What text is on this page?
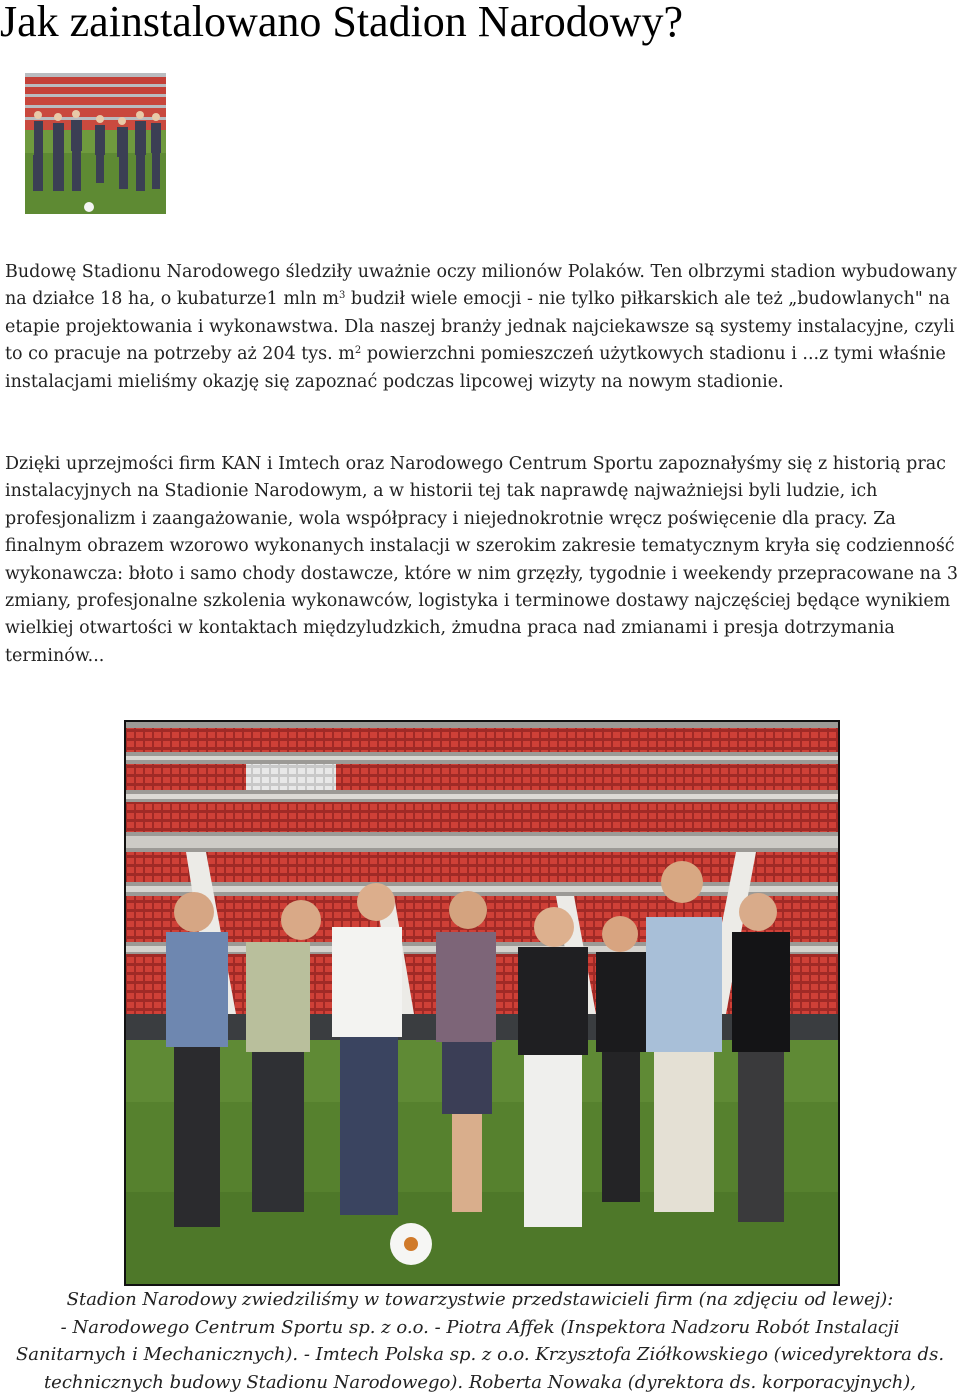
Jak zainstalowano Stadion Narodowy?

Budowę Stadionu Narodowego śledziły uważnie oczy milionów Polaków. Ten olbrzymi stadion wybudowany na działce 18 ha, o kubaturze1 mln $m^3$ budził wiele emocji - nie tylko piłkarskich ale też „budowlanych" na etapie projektowania i wykonawstwa. Dla naszej branży jednak najciekawsze są systemy instalacyjne, czyli to co pracuje na potrzeby aż 204 tys. $m^2$ powierzchni pomieszczeń użytkowych stadionu i ...z tymi właśnie instalacjami mieliśmy okazję się zapoznać podczas lipcowej wizyty na nowym stadionie.

Dzięki uprzejmości firm KAN i Imtech oraz Narodowego Centrum Sportu zapoznałyśmy się z historią prac instalacyjnych na Stadionie Narodowym, a w historii tej tak naprawdę najważniejsi byli ludzie, ich profesjonalizm i zaangażowanie, wola współpracy i niejednokrotnie wręcz poświęcenie dla pracy. Za finalnym obrazem wzorowo wykonanych instalacji w szerokim zakresie tematycznym kryła się codzienność wykonawcza: błoto i samo chody dostawcze, które w nim grzęzły, tygodnie i weekendy przepracowane na 3 zmiany, profesjonalne szkolenia wykonawców, logistyka i terminowe dostawy najczęściej będące wynikiem wielkiej otwartości w kontaktach międzyludzkich, żmudna praca nad zmianami i presja dotrzymania terminów...

Stadion Narodowy zwiedziliśmy w towarzystwie przedstawicieli firm (na zdjęciu od lewej):
- Narodowego Centrum Sportu sp. z o.o. - Piotra Affek (Inspektora Nadzoru Robót Instalacji
Sanitarnych i Mechanicznych). - Imtech Polska sp. z o.o. Krzysztofa Ziółkowskiego (wicedyrektora ds.
technicznych budowy Stadionu Narodowego). Roberta Nowaka (dyrektora ds. korporacyjnych),
